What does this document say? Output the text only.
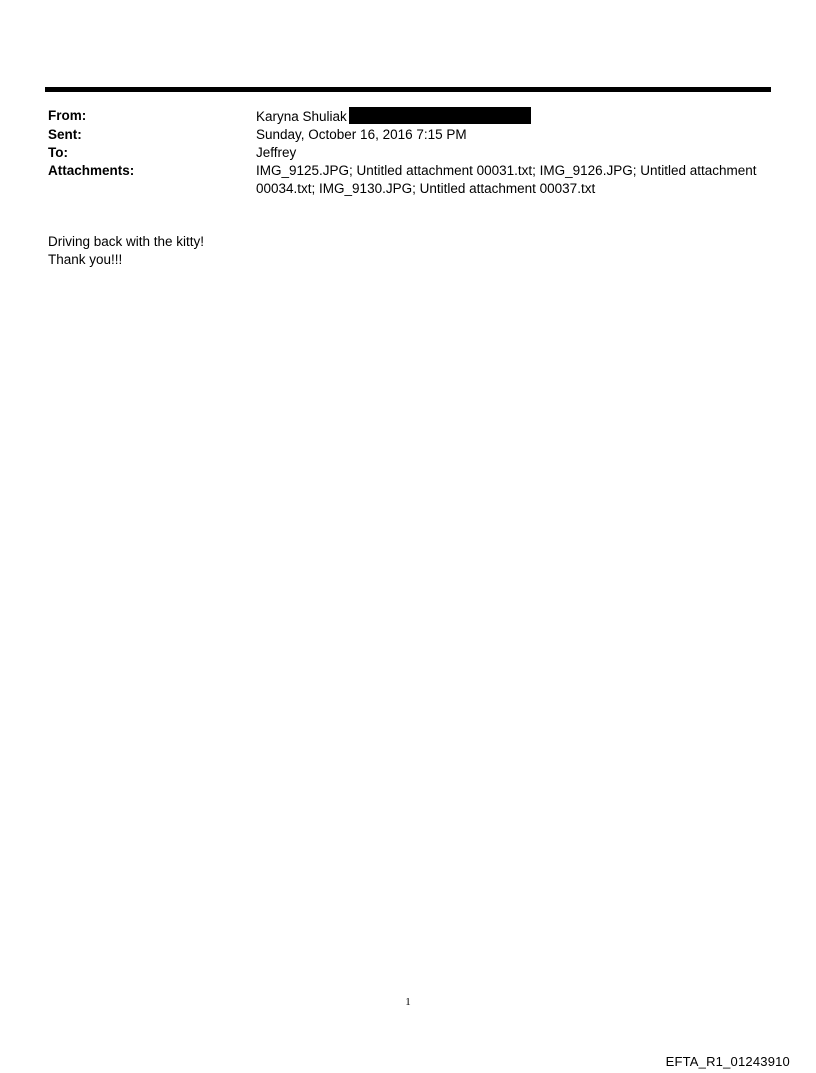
From:	Karyna Shuliak
Sent:	Sunday, October 16, 2016 7:15 PM
To:	Jeffrey
Attachments:	IMG_9125.JPG; Untitled attachment 00031.txt; IMG_9126.JPG; Untitled attachment 00034.txt; IMG_9130.JPG; Untitled attachment 00037.txt
Driving back with the kitty!
Thank you!!!
1
EFTA_R1_01243910
